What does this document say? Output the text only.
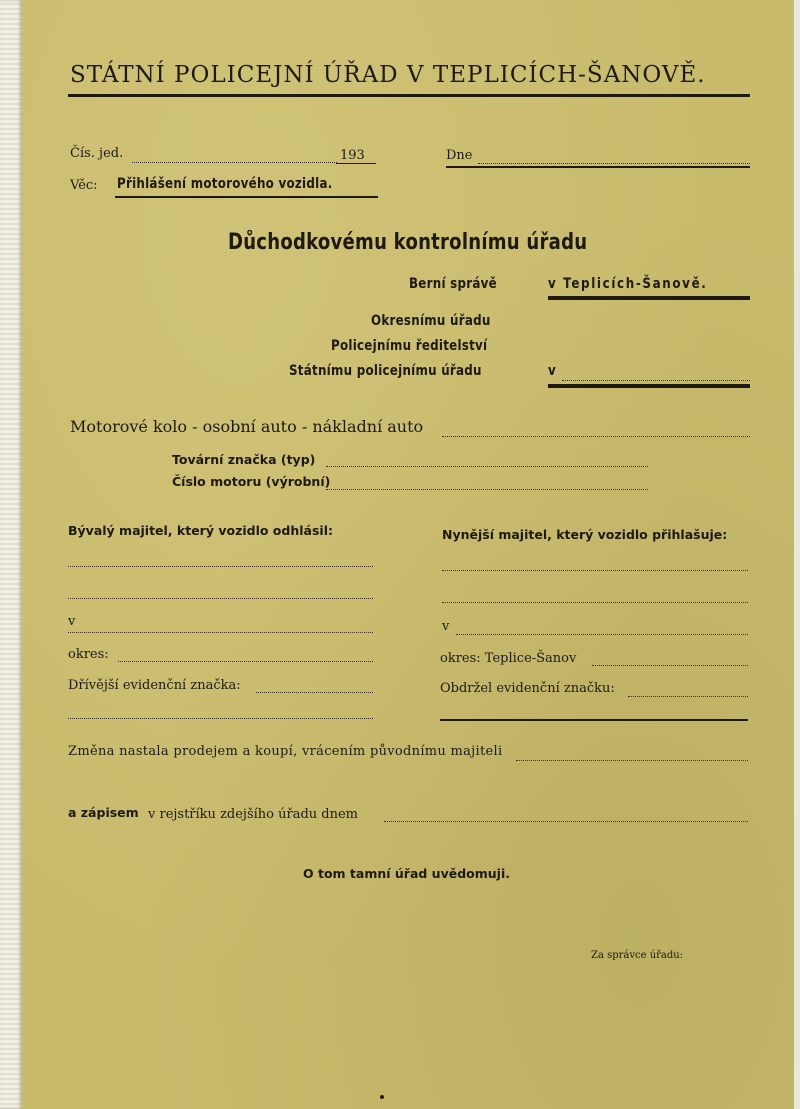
STÁTNÍ POLICEJNÍ ÚŘAD V TEPLICÍCH-ŠANOVĚ.
Čís. jed.	193	Dne
Věc: Přihlášení motorového vozidla.
Důchodkovému kontrolnímu úřadu
Berní správě	v Teplicích-Šanově.
Okresnímu úřadu
Policejnímu ředitelství
Státnímu policejnímu úřadu	v
Motorové kolo - osobní auto - nákladní auto
Tovární značka (typ)
Číslo motoru (výrobní)
Bývalý majitel, který vozidlo odhlásil:
v
okres:
Dřívější evidenční značka:
Nynější majitel, který vozidlo přihlašuje:
v
okres: Teplice-Šanov
Obdržel evidenční značku:
Změna nastala prodejem a koupí, vrácením původnímu majiteli
a zápisem v rejstříku zdejšího úřadu dnem
O tom tamní úřad uvědomuji.
Za správce úřadu:
